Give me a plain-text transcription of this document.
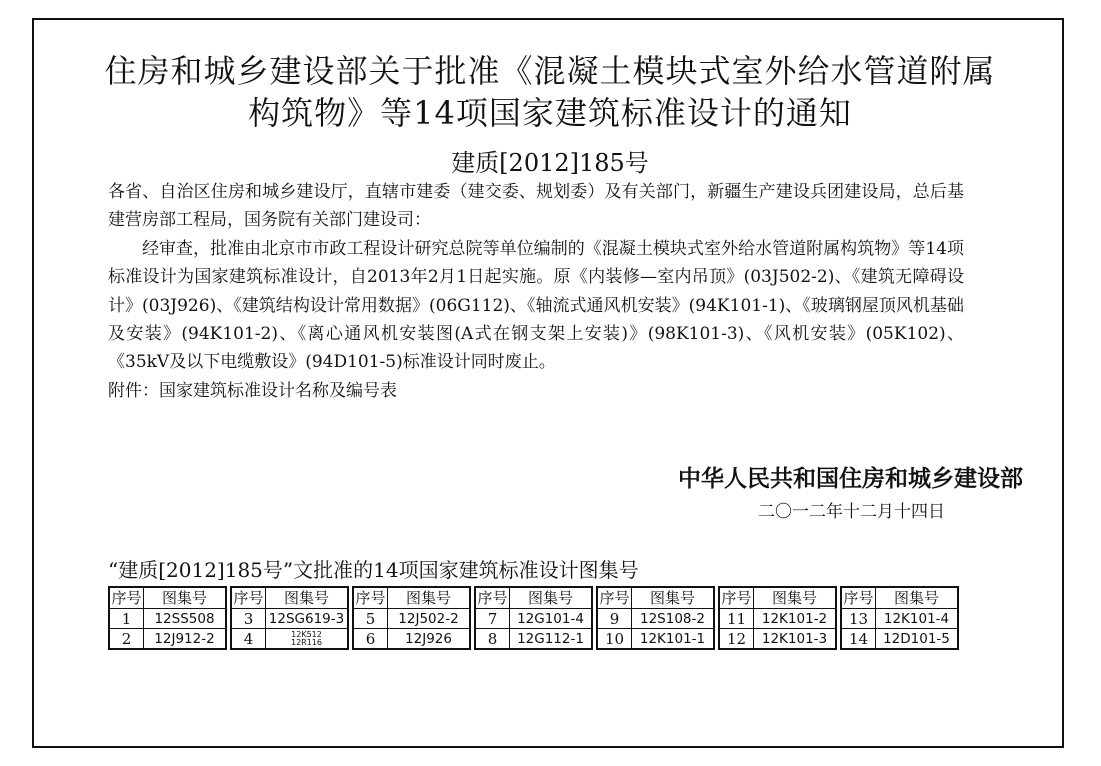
住房和城乡建设部关于批准《混凝土模块式室外给水管道附属
构筑物》等14项国家建筑标准设计的通知
建质[2012]185号

各省、自治区住房和城乡建设厅，直辖市建委（建交委、规划委）及有关部门，新疆生产建设兵团建设局，总后基建营房部工程局，国务院有关部门建设司：

经审查，批准由北京市市政工程设计研究总院等单位编制的《混凝土模块式室外给水管道附属构筑物》等14项标准设计为国家建筑标准设计，自2013年2月1日起实施。原《内装修—室内吊顶》(03J502-2)、《建筑无障碍设计》(03J926)、《建筑结构设计常用数据》(06G112)、《轴流式通风机安装》(94K101-1)、《玻璃钢屋顶风机基础及安装》(94K101-2)、《离心通风机安装图(A式在钢支架上安装)》(98K101-3)、《风机安装》(05K102)、《35kV及以下电缆敷设》(94D101-5)标准设计同时废止。

附件：国家建筑标准设计名称及编号表

中华人民共和国住房和城乡建设部
二〇一二年十二月十四日
“建质[2012]185号”文批准的14项国家建筑标准设计图集号
序号
1
2
图集号
12SS508
12J912-2
序号
3
4
图集号
12SG619-3
12K512
12R116
序号
5
6
图集号
12J502-2
12J926
序号
7
8
图集号
12G101-4
12G112-1
序号
9
10
图集号
12S108-2
12K101-1
序号
11
12
图集号
12K101-2
12K101-3
序号
13
14
图集号
12K101-4
12D101-5
